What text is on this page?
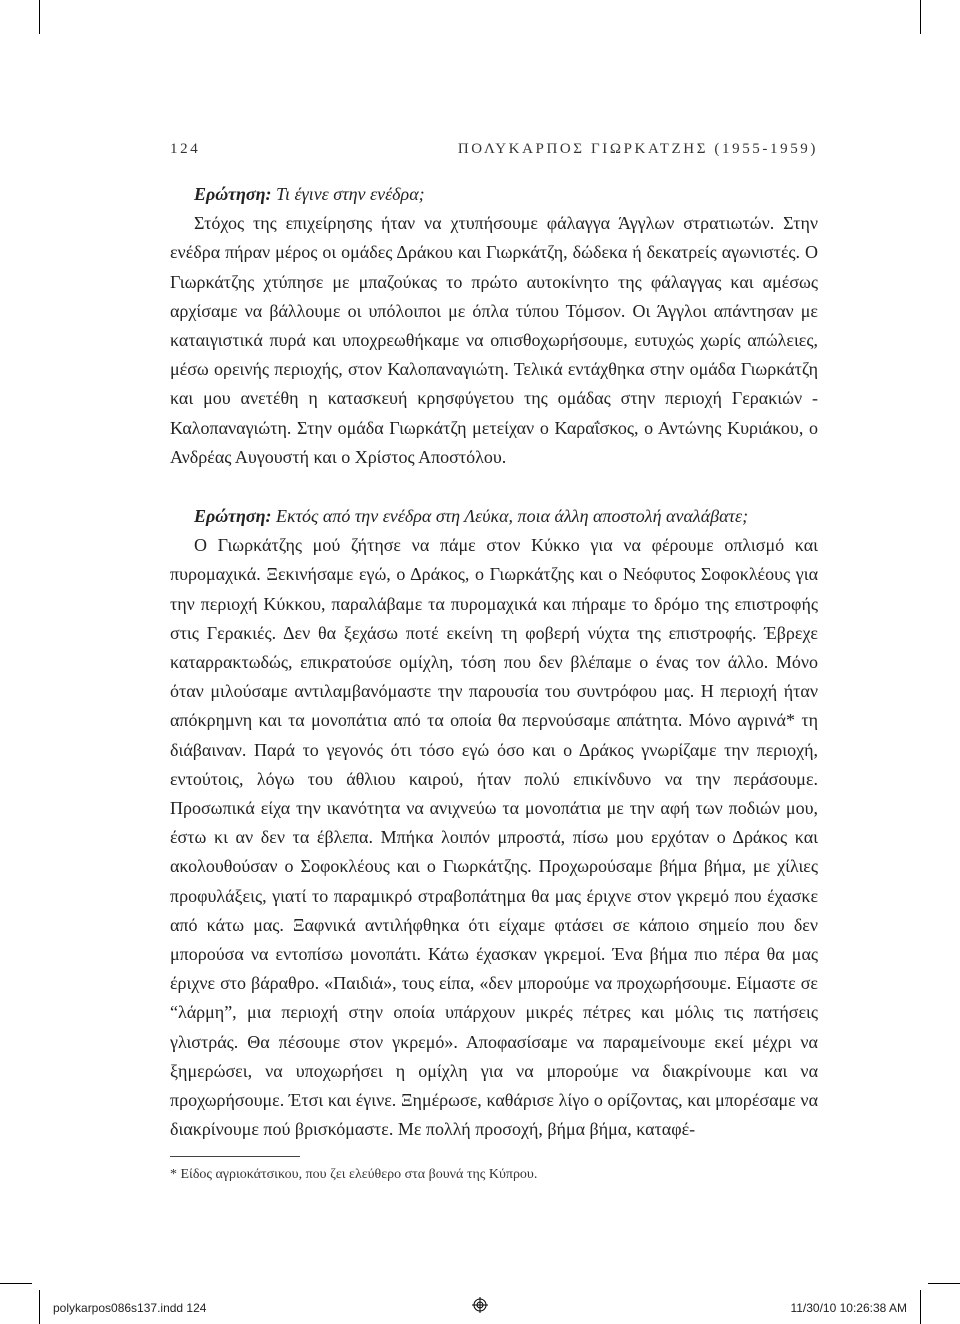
124	ΠΟΛΥΚΑΡΠΟΣ ΓΙΩΡΚΑΤΖΗΣ (1955-1959)

Ερώτηση: Τι έγινε στην ενέδρα;

Στόχος της επιχείρησης ήταν να χτυπήσουμε φάλαγγα Άγγλων στρατιωτών. Στην ενέδρα πήραν μέρος οι ομάδες Δράκου και Γιωρκάτζη, δώδεκα ή δεκατρείς αγωνιστές. Ο Γιωρκάτζης χτύπησε με μπαζούκας το πρώτο αυτοκίνητο της φάλαγγας και αμέσως αρχίσαμε να βάλλουμε οι υπόλοιποι με όπλα τύπου Τόμσον. Οι Άγγλοι απάντησαν με καταιγιστικά πυρά και υποχρεωθήκαμε να οπισθοχωρήσουμε, ευτυχώς χωρίς απώλειες, μέσω ορεινής περιοχής, στον Καλοπαναγιώτη. Τελικά εντάχθηκα στην ομάδα Γιωρκάτζη και μου ανετέθη η κατασκευή κρησφύγετου της ομάδας στην περιοχή Γερακιών - Καλοπαναγιώτη. Στην ομάδα Γιωρκάτζη μετείχαν ο Καραΐσκος, ο Αντώνης Κυριάκου, ο Ανδρέας Αυγουστή και ο Χρίστος Αποστόλου.

Ερώτηση: Εκτός από την ενέδρα στη Λεύκα, ποια άλλη αποστολή αναλάβατε;

Ο Γιωρκάτζης μού ζήτησε να πάμε στον Κύκκο για να φέρουμε οπλισμό και πυρομαχικά. Ξεκινήσαμε εγώ, ο Δράκος, ο Γιωρκάτζης και ο Νεόφυτος Σοφοκλέους για την περιοχή Κύκκου, παραλάβαμε τα πυρομαχικά και πήραμε το δρόμο της επιστροφής στις Γερακιές. Δεν θα ξεχάσω ποτέ εκείνη τη φοβερή νύχτα της επιστροφής. Έβρεχε καταρρακτωδώς, επικρατούσε ομίχλη, τόση που δεν βλέπαμε ο ένας τον άλλο. Μόνο όταν μιλούσαμε αντιλαμβανόμαστε την παρουσία του συντρόφου μας. Η περιοχή ήταν απόκρημνη και τα μονοπάτια από τα οποία θα περνούσαμε απάτητα. Μόνο αγρινά* τη διάβαιναν. Παρά το γεγονός ότι τόσο εγώ όσο και ο Δράκος γνωρίζαμε την περιοχή, εντούτοις, λόγω του άθλιου καιρού, ήταν πολύ επικίνδυνο να την περάσουμε. Προσωπικά είχα την ικανότητα να ανιχνεύω τα μονοπάτια με την αφή των ποδιών μου, έστω κι αν δεν τα έβλεπα. Μπήκα λοιπόν μπροστά, πίσω μου ερχόταν ο Δράκος και ακολουθούσαν ο Σοφοκλέους και ο Γιωρκάτζης. Προχωρούσαμε βήμα βήμα, με χίλιες προφυλάξεις, γιατί το παραμικρό στραβοπάτημα θα μας έριχνε στον γκρεμό που έχασκε από κάτω μας. Ξαφνικά αντιλήφθηκα ότι είχαμε φτάσει σε κάποιο σημείο που δεν μπορούσα να εντοπίσω μονοπάτι. Κάτω έχασκαν γκρεμοί. Ένα βήμα πιο πέρα θα μας έριχνε στο βάραθρο. «Παιδιά», τους είπα, «δεν μπορούμε να προχωρήσουμε. Είμαστε σε “λάρμη”, μια περιοχή στην οποία υπάρχουν μικρές πέτρες και μόλις τις πατήσεις γλιστράς. Θα πέσουμε στον γκρεμό». Αποφασίσαμε να παραμείνουμε εκεί μέχρι να ξημερώσει, να υποχωρήσει η ομίχλη για να μπορούμε να διακρίνουμε και να προχωρήσουμε. Έτσι και έγινε. Ξημέρωσε, καθάρισε λίγο ο ορίζοντας, και μπορέσαμε να διακρίνουμε πού βρισκόμαστε. Με πολλή προσοχή, βήμα βήμα, καταφέ-

* Είδος αγριοκάτσικου, που ζει ελεύθερο στα βουνά της Κύπρου.
polykarpos086s137.indd 124	11/30/10 10:26:38 AM
